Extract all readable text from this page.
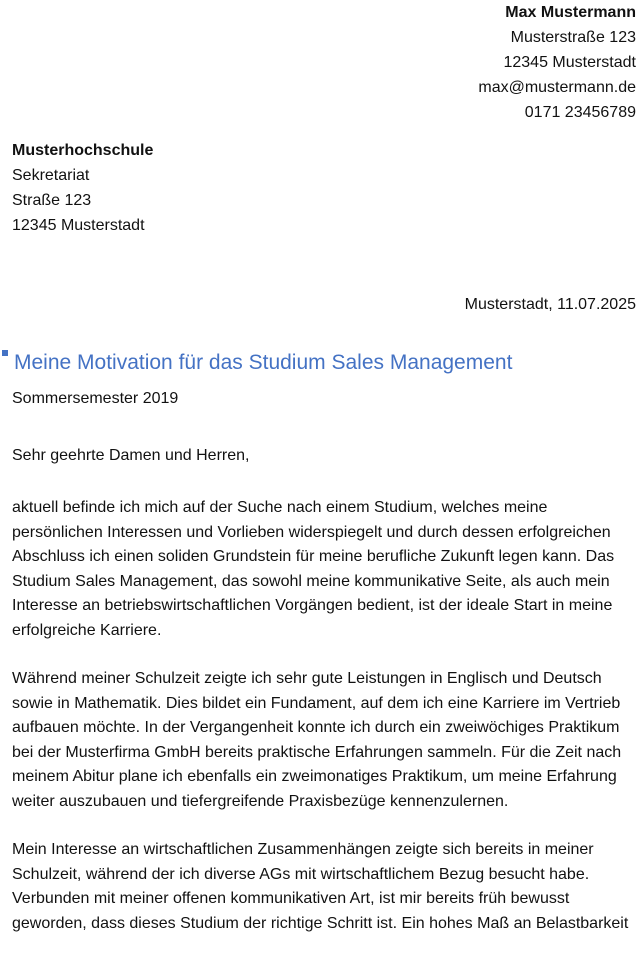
Max Mustermann
Musterstraße 123
12345 Musterstadt
max@mustermann.de
0171 23456789
Musterhochschule
Sekretariat
Straße 123
12345 Musterstadt
Musterstadt, 11.07.2025
Meine Motivation für das Studium Sales Management
Sommersemester 2019
Sehr geehrte Damen und Herren,

aktuell befinde ich mich auf der Suche nach einem Studium, welches meine persönlichen Interessen und Vorlieben widerspiegelt und durch dessen erfolgreichen Abschluss ich einen soliden Grundstein für meine berufliche Zukunft legen kann. Das Studium Sales Management, das sowohl meine kommunikative Seite, als auch mein Interesse an betriebswirtschaftlichen Vorgängen bedient, ist der ideale Start in meine erfolgreiche Karriere.

Während meiner Schulzeit zeigte ich sehr gute Leistungen in Englisch und Deutsch sowie in Mathematik. Dies bildet ein Fundament, auf dem ich eine Karriere im Vertrieb aufbauen möchte. In der Vergangenheit konnte ich durch ein zweiwöchiges Praktikum bei der Musterfirma GmbH bereits praktische Erfahrungen sammeln. Für die Zeit nach meinem Abitur plane ich ebenfalls ein zweimonatiges Praktikum, um meine Erfahrung weiter auszubauen und tiefergreifende Praxisbezüge kennenzulernen.

Mein Interesse an wirtschaftlichen Zusammenhängen zeigte sich bereits in meiner Schulzeit, während der ich diverse AGs mit wirtschaftlichem Bezug besucht habe. Verbunden mit meiner offenen kommunikativen Art, ist mir bereits früh bewusst geworden, dass dieses Studium der richtige Schritt ist. Ein hohes Maß an Belastbarkeit
